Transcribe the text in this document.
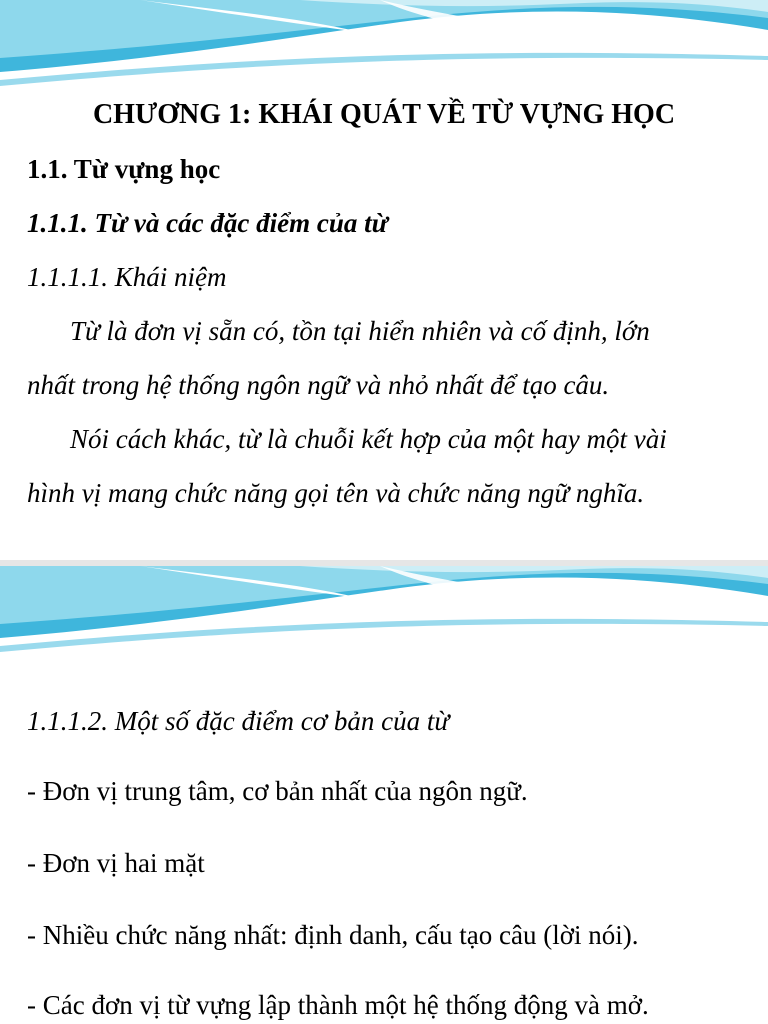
CHƯƠNG 1: KHÁI QUÁT VỀ TỪ VỰNG HỌC
1.1. Từ vựng học
1.1.1. Từ và các đặc điểm của từ
1.1.1.1. Khái niệm
Từ là đơn vị sẵn có, tồn tại hiển nhiên và cố định, lớn
nhất trong hệ thống ngôn ngữ và nhỏ nhất để tạo câu.
Nói cách khác, từ là chuỗi kết hợp của một hay một vài
hình vị mang chức năng gọi tên và chức năng ngữ nghĩa.
1.1.1.2. Một số đặc điểm cơ bản của từ
- Đơn vị trung tâm, cơ bản nhất của ngôn ngữ.
- Đơn vị hai mặt
- Nhiều chức năng nhất: định danh, cấu tạo câu (lời nói).
- Các đơn vị từ vựng lập thành một hệ thống động và mở.
